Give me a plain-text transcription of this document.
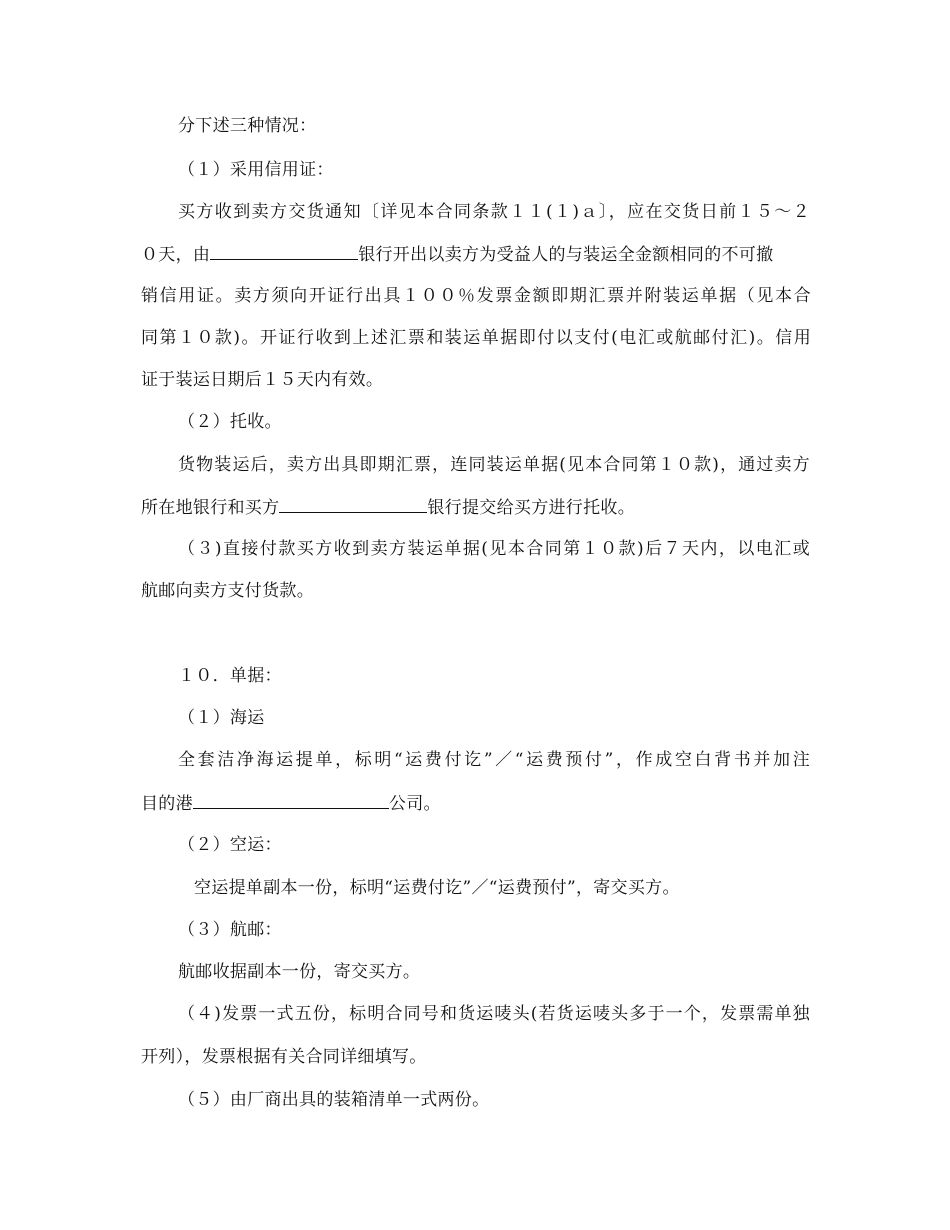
分下述三种情况：
（１）采用信用证：
买方收到卖方交货通知〔详见本合同条款１１(１)ａ〕，应在交货日前１５～２
０天，由	银行开出以卖方为受益人的与装运全金额相同的不可撤
销信用证。卖方须向开证行出具１００％发票金额即期汇票并附装运单据（见本合
同第１０款)。开证行收到上述汇票和装运单据即付以支付(电汇或航邮付汇)。信用
证于装运日期后１５天内有效。
（２）托收。
货物装运后，卖方出具即期汇票，连同装运单据(见本合同第１０款)，通过卖方
所在地银行和买方	银行提交给买方进行托收。
（３)直接付款买方收到卖方装运单据(见本合同第１０款)后７天内，以电汇或
航邮向卖方支付货款。
１０．单据：
（１）海运
全套洁净海运提单，标明“运费付讫”／“运费预付”，作成空白背书并加注
目的港	公司。
（２）空运：
空运提单副本一份，标明“运费付讫”／“运费预付”，寄交买方。
（３）航邮：
航邮收据副本一份，寄交买方。
（４)发票一式五份，标明合同号和货运唛头(若货运唛头多于一个，发票需单独
开列），发票根据有关合同详细填写。
（５）由厂商出具的装箱清单一式两份。
